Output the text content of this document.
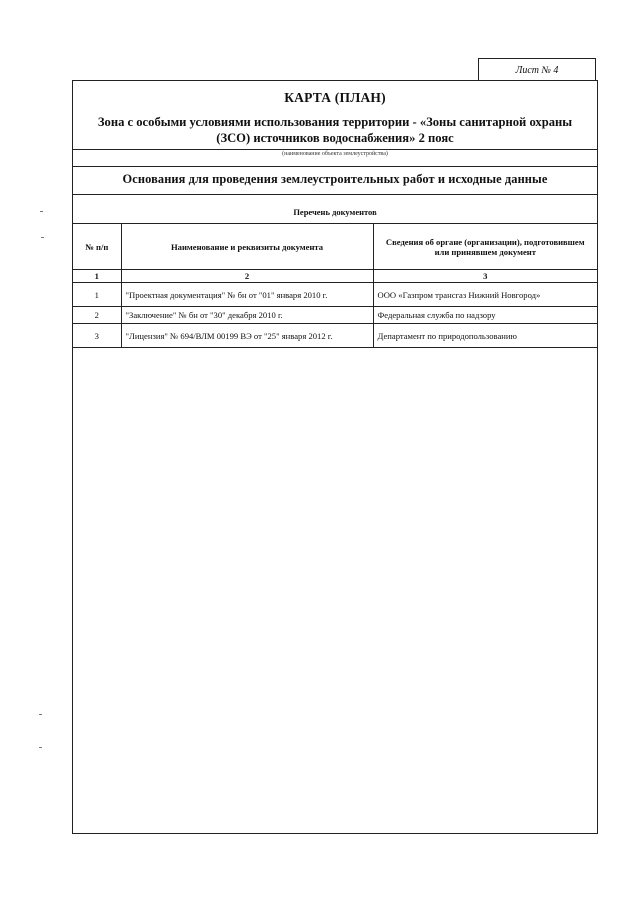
Лист № 4
КАРТА (ПЛАН)
Зона с особыми условиями использования территории - «Зоны санитарной охраны (ЗСО) источников водоснабжения» 2 пояс
(наименование объекта землеустройства)
Основания для проведения землеустроительных работ и исходные данные
Перечень документов
№ п/п	Наименование и реквизиты документа	Сведения об органе (организации), подготовившем или принявшем документ
1	2	3
1	"Проектная документация" № бн от "01" января 2010 г.	ООО «Газпром трансгаз Нижний Новгород»
2	"Заключение" № бн от "30" декабря 2010 г.	Федеральная служба по надзору
3	"Лицензия" № 694/ВЛМ 00199 ВЭ от "25" января 2012 г.	Департамент по природопользованию
